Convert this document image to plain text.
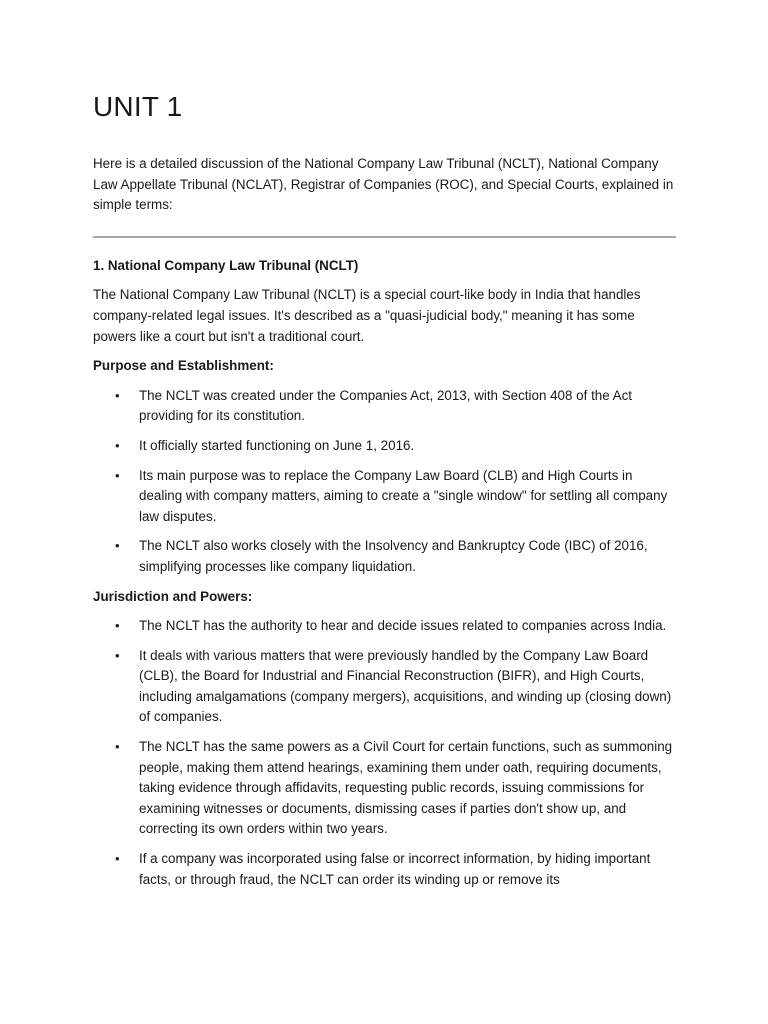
UNIT 1

Here is a detailed discussion of the National Company Law Tribunal (NCLT), National Company Law Appellate Tribunal (NCLAT), Registrar of Companies (ROC), and Special Courts, explained in simple terms:

1. National Company Law Tribunal (NCLT)

The National Company Law Tribunal (NCLT) is a special court-like body in India that handles company-related legal issues. It's described as a "quasi-judicial body," meaning it has some powers like a court but isn't a traditional court.

Purpose and Establishment:
• The NCLT was created under the Companies Act, 2013, with Section 408 of the Act providing for its constitution.
• It officially started functioning on June 1, 2016.
• Its main purpose was to replace the Company Law Board (CLB) and High Courts in dealing with company matters, aiming to create a "single window" for settling all company law disputes.
• The NCLT also works closely with the Insolvency and Bankruptcy Code (IBC) of 2016, simplifying processes like company liquidation.
Jurisdiction and Powers:
• The NCLT has the authority to hear and decide issues related to companies across India.
• It deals with various matters that were previously handled by the Company Law Board (CLB), the Board for Industrial and Financial Reconstruction (BIFR), and High Courts, including amalgamations (company mergers), acquisitions, and winding up (closing down) of companies.
• The NCLT has the same powers as a Civil Court for certain functions, such as summoning people, making them attend hearings, examining them under oath, requiring documents, taking evidence through affidavits, requesting public records, issuing commissions for examining witnesses or documents, dismissing cases if parties don't show up, and correcting its own orders within two years.
• If a company was incorporated using false or incorrect information, by hiding important facts, or through fraud, the NCLT can order its winding up or remove its
